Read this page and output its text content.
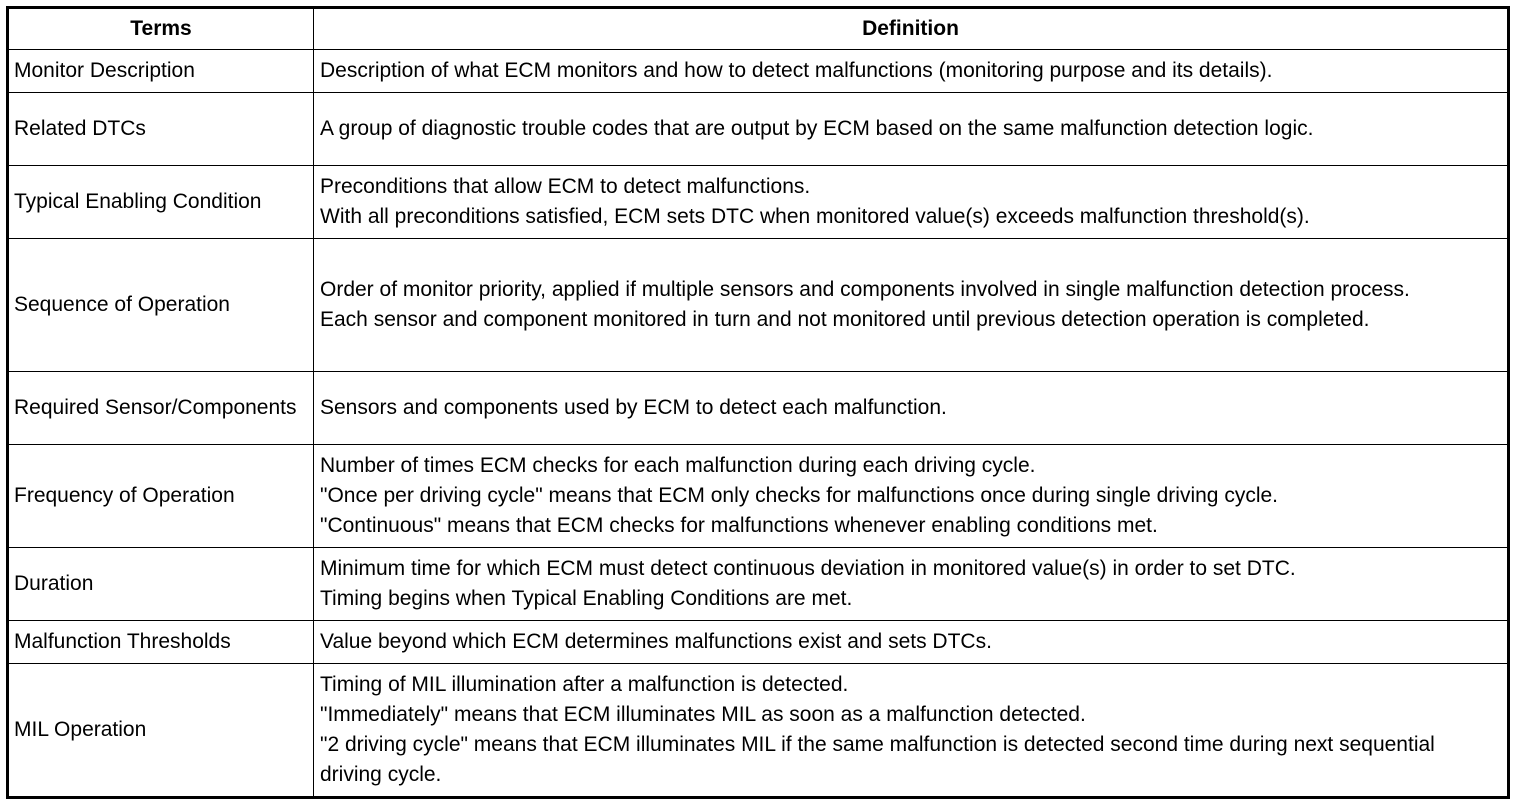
Terms	Definition
Monitor Description	Description of what ECM monitors and how to detect malfunctions (monitoring purpose and its details).

Related DTCs	A group of diagnostic trouble codes that are output by ECM based on the same malfunction detection logic.

Typical Enabling Condition	Preconditions that allow ECM to detect malfunctions.
With all preconditions satisfied, ECM sets DTC when monitored value(s) exceeds malfunction threshold(s).

Sequence of Operation	Order of monitor priority, applied if multiple sensors and components involved in single malfunction detection process.
Each sensor and component monitored in turn and not monitored until previous detection operation is completed.

Required Sensor/Components	Sensors and components used by ECM to detect each malfunction.

Frequency of Operation	Number of times ECM checks for each malfunction during each driving cycle.
"Once per driving cycle" means that ECM only checks for malfunctions once during single driving cycle.
"Continuous" means that ECM checks for malfunctions whenever enabling conditions met.

Duration	Minimum time for which ECM must detect continuous deviation in monitored value(s) in order to set DTC.
Timing begins when Typical Enabling Conditions are met.

Malfunction Thresholds	Value beyond which ECM determines malfunctions exist and sets DTCs.

MIL Operation	Timing of MIL illumination after a malfunction is detected.
"Immediately" means that ECM illuminates MIL as soon as a malfunction detected.
"2 driving cycle" means that ECM illuminates MIL if the same malfunction is detected second time during next sequential driving cycle.
